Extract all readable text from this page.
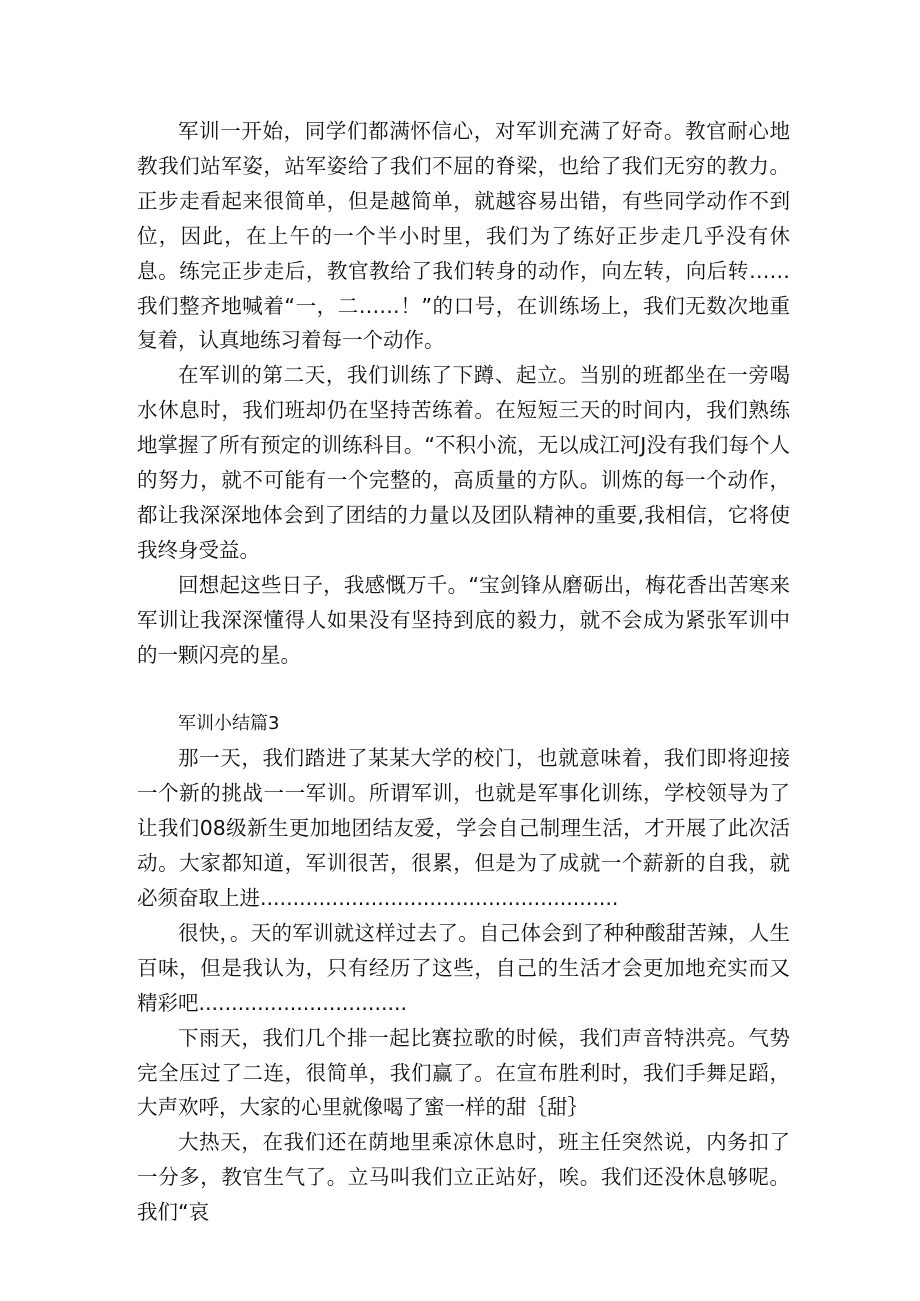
军训一开始，同学们都满怀信心，对军训充满了好奇。教官耐心地教我们站军姿，站军姿给了我们不屈的脊梁，也给了我们无穷的教力。正步走看起来很简单，但是越简单，就越容易出错，有些同学动作不到位，因此，在上午的一个半小时里，我们为了练好正步走几乎没有休息。练完正步走后，教官教给了我们转身的动作，向左转，向后转……我们整齐地喊着“一，二……！”的口号，在训练场上，我们无数次地重复着，认真地练习着每一个动作。

在军训的第二天，我们训练了下蹲、起立。当别的班都坐在一旁喝水休息时，我们班却仍在坚持苦练着。在短短三天的时间内，我们熟练地掌握了所有预定的训练科目。“不积小流，无以成江河J没有我们每个人的努力，就不可能有一个完整的，高质量的方队。训炼的每一个动作，都让我深深地体会到了团结的力量以及团队精神的重要,我相信，它将使我终身受益。

回想起这些日子，我感慨万千。“宝剑锋从磨砺出，梅花香出苦寒来军训让我深深懂得人如果没有坚持到底的毅力，就不会成为紧张军训中的一颗闪亮的星。

军训小结篇3

那一天，我们踏进了某某大学的校门，也就意味着，我们即将迎接一个新的挑战一一军训。所谓军训，也就是军事化训练，学校领导为了让我们08级新生更加地团结友爱，学会自己制理生活，才开展了此次活动。大家都知道，军训很苦，很累，但是为了成就一个薪新的自我，就必须奋取上进.......................................................

很快，。天的军训就这样过去了。自己体会到了种种酸甜苦辣，人生百味，但是我认为，只有经历了这些，自己的生活才会更加地充实而又精彩吧................................

下雨天，我们几个排一起比赛拉歌的时候，我们声音特洪亮。气势完全压过了二连，很简单，我们赢了。在宣布胜利时，我们手舞足蹈，大声欢呼，大家的心里就像喝了蜜一样的甜｛甜｝

大热天，在我们还在荫地里乘凉休息时，班主任突然说，内务扣了一分多，教官生气了。立马叫我们立正站好，唉。我们还没休息够呢。我们“哀
